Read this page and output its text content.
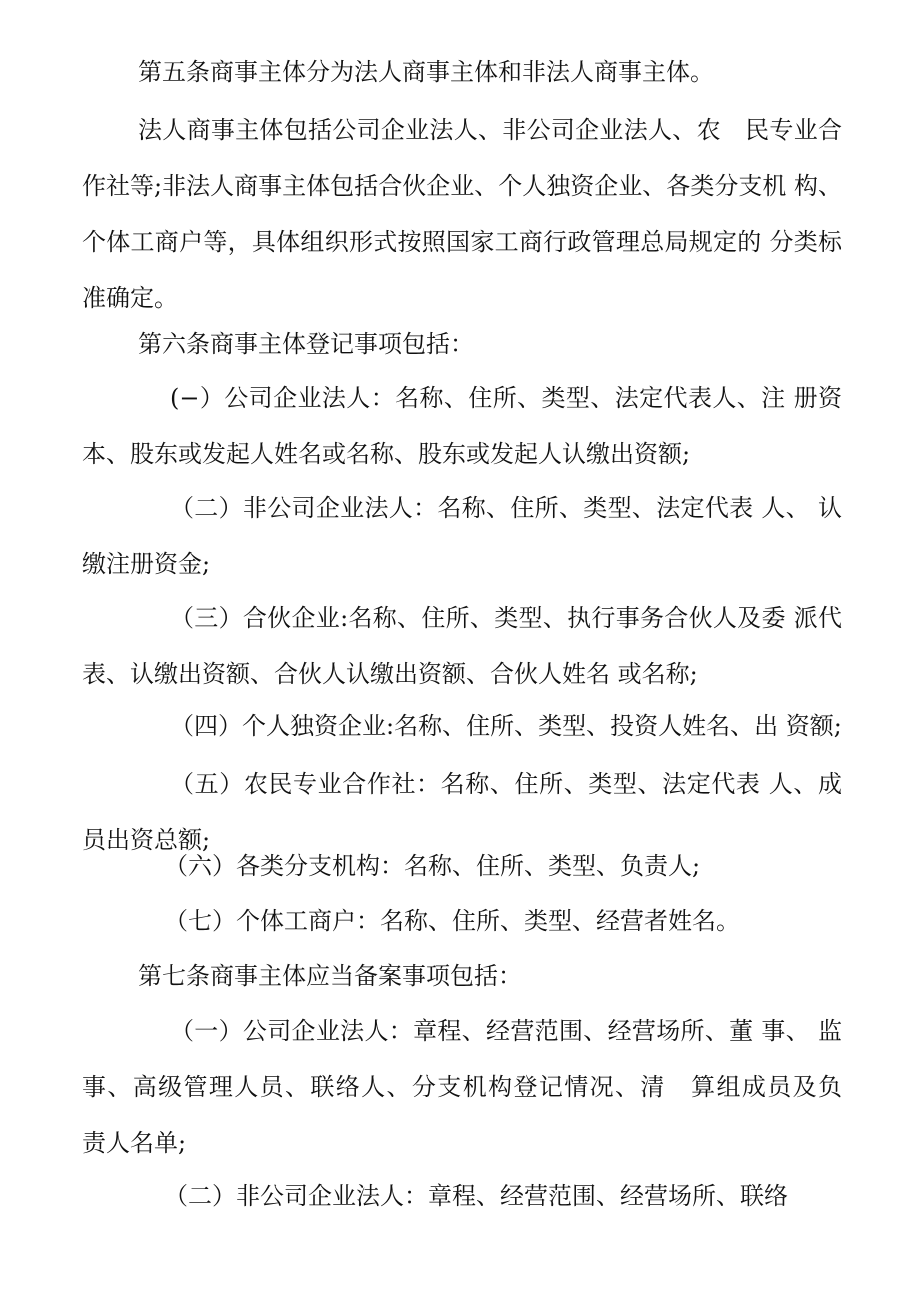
第五条商事主体分为法人商事主体和非法人商事主体。

法人商事主体包括公司企业法人、非公司企业法人、农　民专业合作社等;非法人商事主体包括合伙企业、个人独资企业、各类分支机 构、个体工商户等，具体组织形式按照国家工商行政管理总局规定的 分类标准确定。

第六条商事主体登记事项包括：

(−）公司企业法人：名称、住所、类型、法定代表人、注 册资本、股东或发起人姓名或名称、股东或发起人认缴出资额;

（二）非公司企业法人：名称、住所、类型、法定代表 人、 认缴注册资金;

（三）合伙企业:名称、住所、类型、执行事务合伙人及委 派代表、认缴出资额、合伙人认缴出资额、合伙人姓名 或名称;

（四）个人独资企业:名称、住所、类型、投资人姓名、出 资额;

（五）农民专业合作社：名称、住所、类型、法定代表 人、成员出资总额;

（六）各类分支机构：名称、住所、类型、负责人;

（七）个体工商户：名称、住所、类型、经营者姓名。

第七条商事主体应当备案事项包括：

（一）公司企业法人：章程、经营范围、经营场所、董 事、 监事、高级管理人员、联络人、分支机构登记情况、清　算组成员及负　责人名单;

（二）非公司企业法人：章程、经营范围、经营场所、联络
